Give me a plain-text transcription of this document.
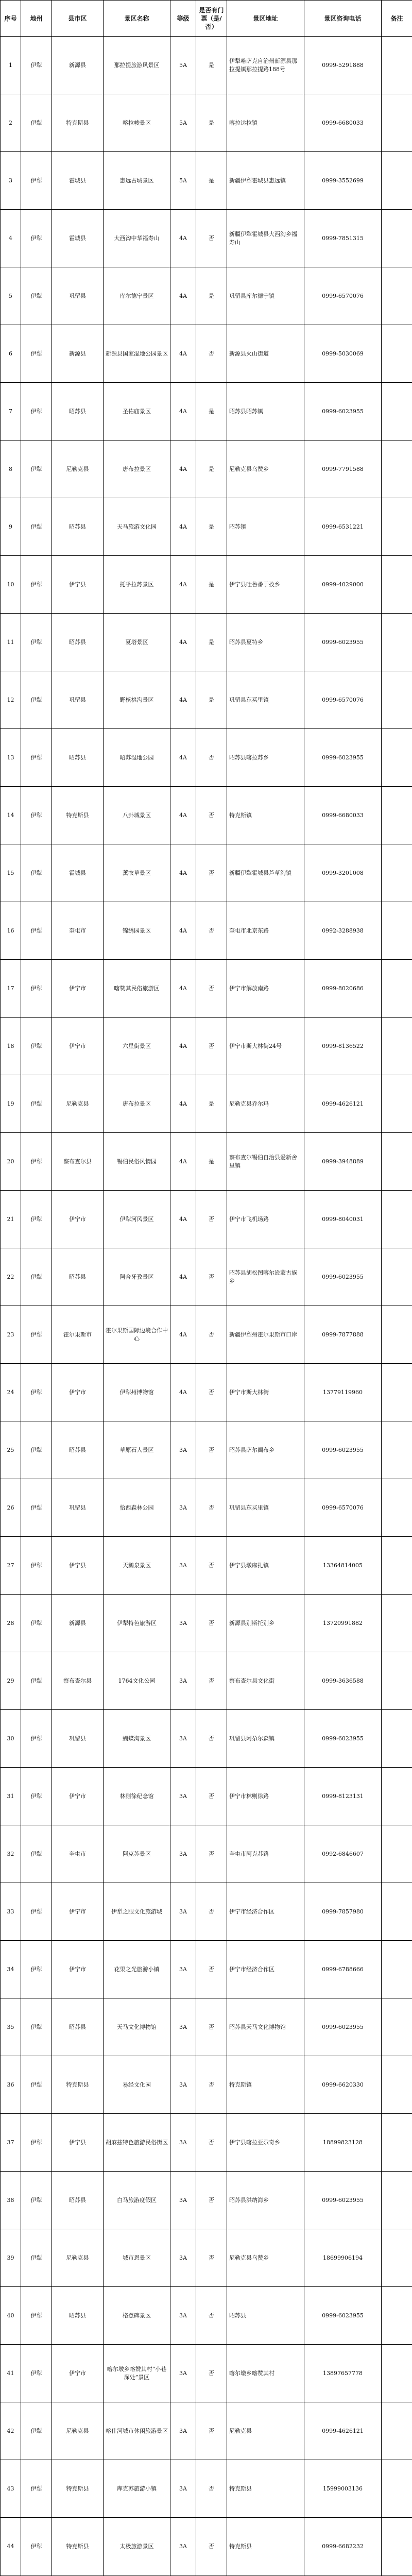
序号	地州	县市区	景区名称	等级	是否有门票（是/否）	景区地址	景区咨询电话	备注
1	伊犁	新源县	那拉提旅游风景区	5A	是	伊犁哈萨克自治州新源县那拉提镇那拉提路188号	0999-5291888	
2	伊犁	特克斯县	喀拉峻景区	5A	是	喀拉达拉镇	0999-6680033	
3	伊犁	霍城县	惠远古城景区	5A	是	新疆伊犁霍城县惠远镇	0999-3552699	
4	伊犁	霍城县	大西沟中华福寿山	4A	否	新疆伊犁霍城县大西沟乡福寿山	0999-7851315	
5	伊犁	巩留县	库尔德宁景区	4A	是	巩留县库尔德宁镇	0999-6570076	
6	伊犁	新源县	新源县国家湿地公园景区	4A	否	新源县火山街道	0999-5030069	
7	伊犁	昭苏县	圣佑庙景区	4A	是	昭苏县昭苏镇	0999-6023955	
8	伊犁	尼勒克县	唐布拉景区	4A	是	尼勒克县乌赞乡	0999-7791588	
9	伊犁	昭苏县	天马旅游文化园	4A	是	昭苏镇	0999-6531221	
10	伊犁	伊宁县	托乎拉苏景区	4A	是	伊宁县吐鲁番于孜乡	0999-4029000	
11	伊犁	昭苏县	夏塔景区	4A	是	昭苏县夏特乡	0999-6023955	
12	伊犁	巩留县	野核桃沟景区	4A	是	巩留县东买里镇	0999-6570076	
13	伊犁	昭苏县	昭苏湿地公园	4A	否	昭苏县喀拉苏乡	0999-6023955	
14	伊犁	特克斯县	八卦城景区	4A	否	特克斯镇	0999-6680033	
15	伊犁	霍城县	薰衣草景区	4A	否	新疆伊犁霍城县芦草沟镇	0999-3201008	
16	伊犁	奎屯市	锦绣园景区	4A	否	奎屯市北京东路	0992-3288938	
17	伊犁	伊宁市	喀赞其民俗旅游区	4A	否	伊宁市解放南路	0999-8020686	
18	伊犁	伊宁市	六星街景区	4A	否	伊宁市斯大林街24号	0999-8136522	
19	伊犁	尼勒克县	唐布拉景区	4A	是	尼勒克县乔尔玛	0999-4626121	
20	伊犁	察布查尔县	锡伯民俗风情园	4A	是	察布查尔锡伯自治县爱新舍里镇	0999-3948889	
21	伊犁	伊宁市	伊犁河风景区	4A	否	伊宁市飞机场路	0999-8040031	
22	伊犁	昭苏县	阿合牙孜景区	4A	否	昭苏县胡松图喀尔逊蒙古族乡	0999-6023955	
23	伊犁	霍尔果斯市	霍尔果斯国际边境合作中心	4A	否	新疆伊犁州霍尔果斯市口岸	0999-7877888	
24	伊犁	伊宁市	伊犁州博物馆	4A	否	伊宁市斯大林街	13779119960	
25	伊犁	昭苏县	草原石人景区	3A	否	昭苏县萨尔阔布乡	0999-6023955	
26	伊犁	巩留县	恰西森林公园	3A	否	巩留县东买里镇	0999-6570076	
27	伊犁	伊宁县	天鹅泉景区	3A	否	伊宁县墩麻扎镇	13364814005	
28	伊犁	新源县	伊犁特色旅游区	3A	否	新源县别斯托别乡	13720991882	
29	伊犁	察布查尔县	1764文化公园	3A	否	察布查尔县文化街	0999-3636588	
30	伊犁	巩留县	蝴蝶沟景区	3A	否	巩留县阿尕尔森镇	0999-6023955	
31	伊犁	伊宁市	林则徐纪念馆	3A	否	伊宁市林则徐路	0999-8123131	
32	伊犁	奎屯市	阿克苏景区	3A	否	奎屯市阿克苏路	0992-6846607	
33	伊犁	伊宁市	伊犁之眼文化旅游城	3A	否	伊宁市经济合作区	0999-7857980	
34	伊犁	伊宁市	花果之光旅游小镇	3A	否	伊宁市经济合作区	0999-6788666	
35	伊犁	昭苏县	天马文化博物馆	3A	否	昭苏县天马文化博物馆	0999-6023955	
36	伊犁	特克斯县	易经文化园	3A	否	特克斯镇	0999-6620330	
37	伊犁	伊宁县	胡麻兹特色旅游民俗街区	3A	否	伊宁县喀拉亚尕奇乡	18899823128	
38	伊犁	昭苏县	白马旅游度假区	3A	否	昭苏县洪纳海乡	0999-6023955	
39	伊犁	尼勒克县	城市恩景区	3A	否	尼勒克县乌赞乡	18699906194	
40	伊犁	昭苏县	格登碑景区	3A	否	昭苏县	0999-6023955	
41	伊犁	伊宁市	喀尔墩乡喀赞其村“小巷深处”景区	3A	否	喀尔墩乡喀赞其村	13897657778	
42	伊犁	尼勒克县	喀什河城市休闲旅游景区	3A	否	尼勒克县	0999-4626121	
43	伊犁	特克斯县	库克苏旅游小镇	3A	否	特克斯县	15999003136	
44	伊犁	特克斯县	太极旅游景区	3A	否	特克斯县	0999-6682232	
